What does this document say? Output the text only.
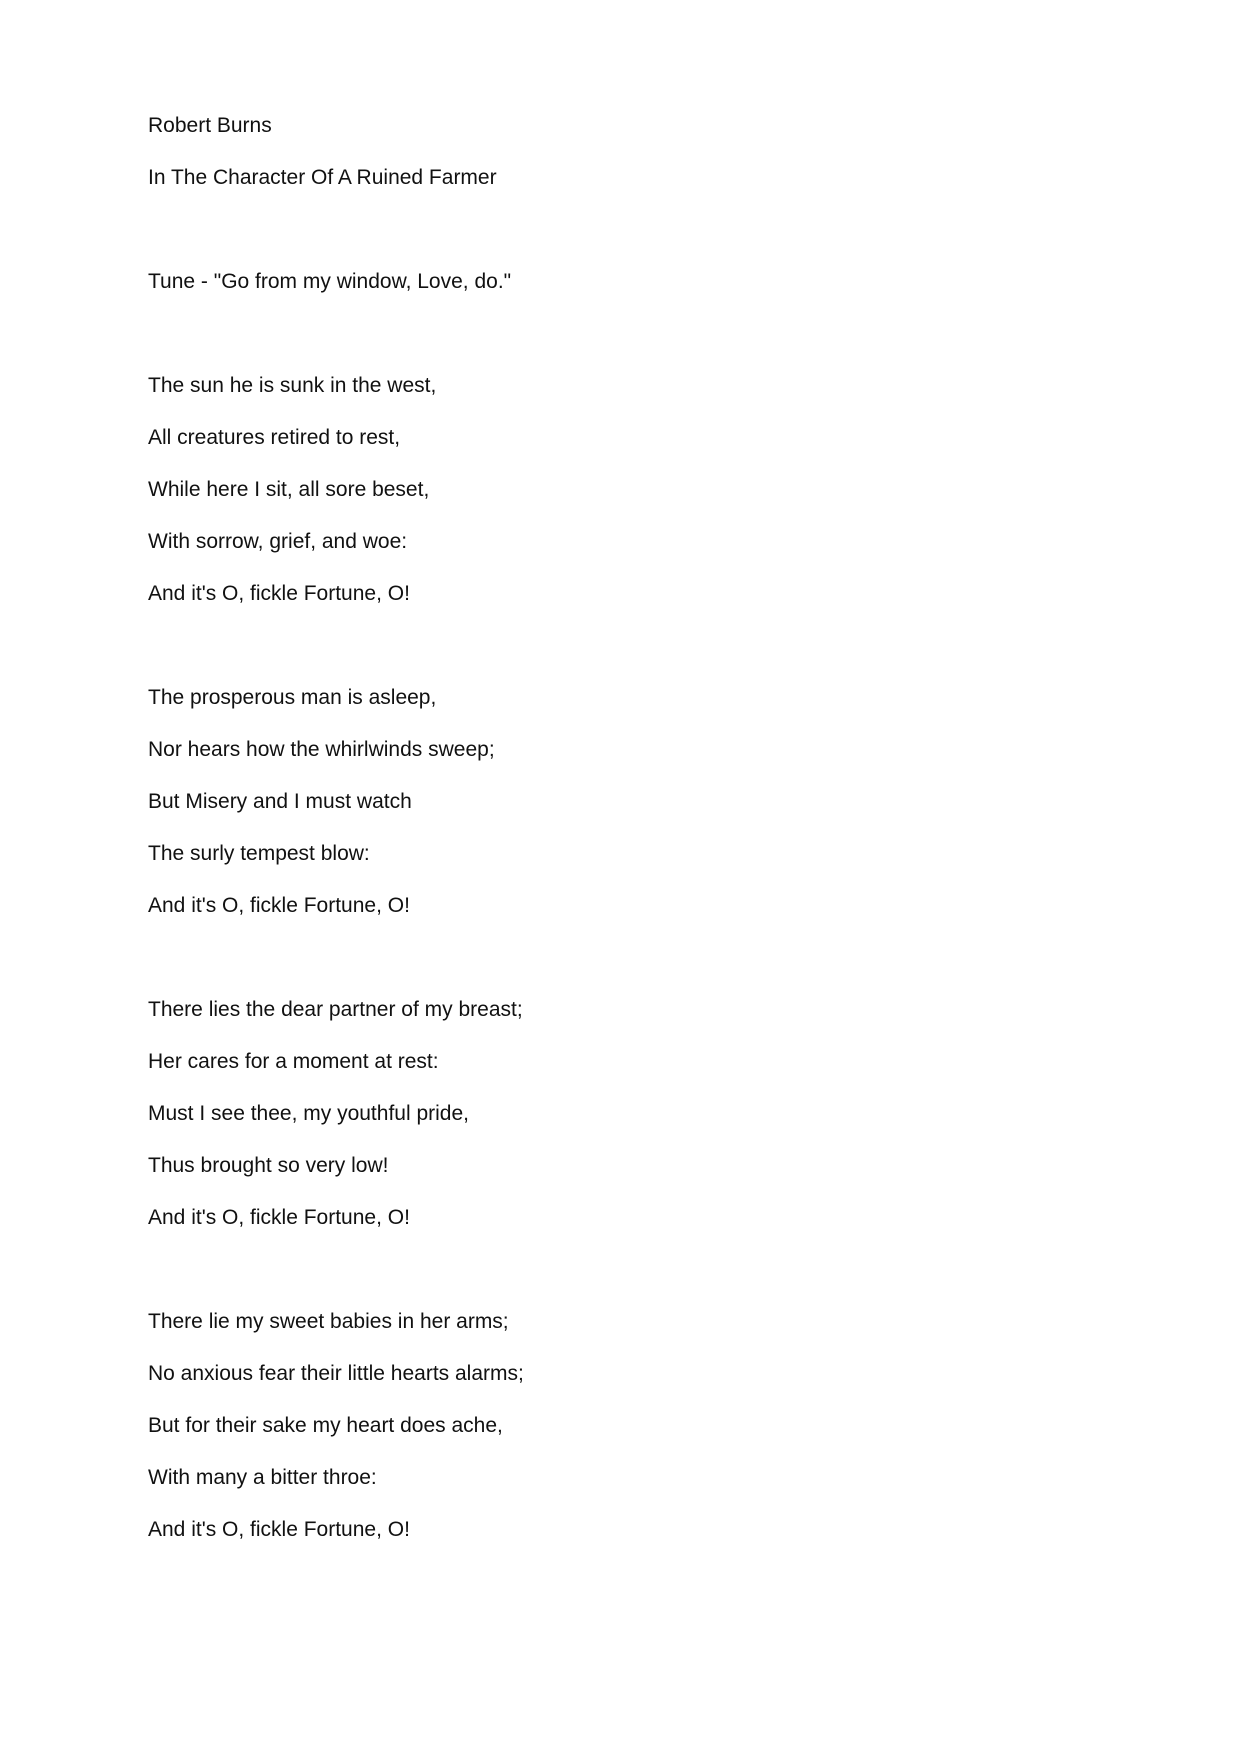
Robert Burns
In The Character Of A Ruined Farmer
Tune - "Go from my window, Love, do."
The sun he is sunk in the west,
All creatures retired to rest,
While here I sit, all sore beset,
With sorrow, grief, and woe:
And it's O, fickle Fortune, O!
The prosperous man is asleep,
Nor hears how the whirlwinds sweep;
But Misery and I must watch
The surly tempest blow:
And it's O, fickle Fortune, O!
There lies the dear partner of my breast;
Her cares for a moment at rest:
Must I see thee, my youthful pride,
Thus brought so very low!
And it's O, fickle Fortune, O!
There lie my sweet babies in her arms;
No anxious fear their little hearts alarms;
But for their sake my heart does ache,
With many a bitter throe:
And it's O, fickle Fortune, O!
